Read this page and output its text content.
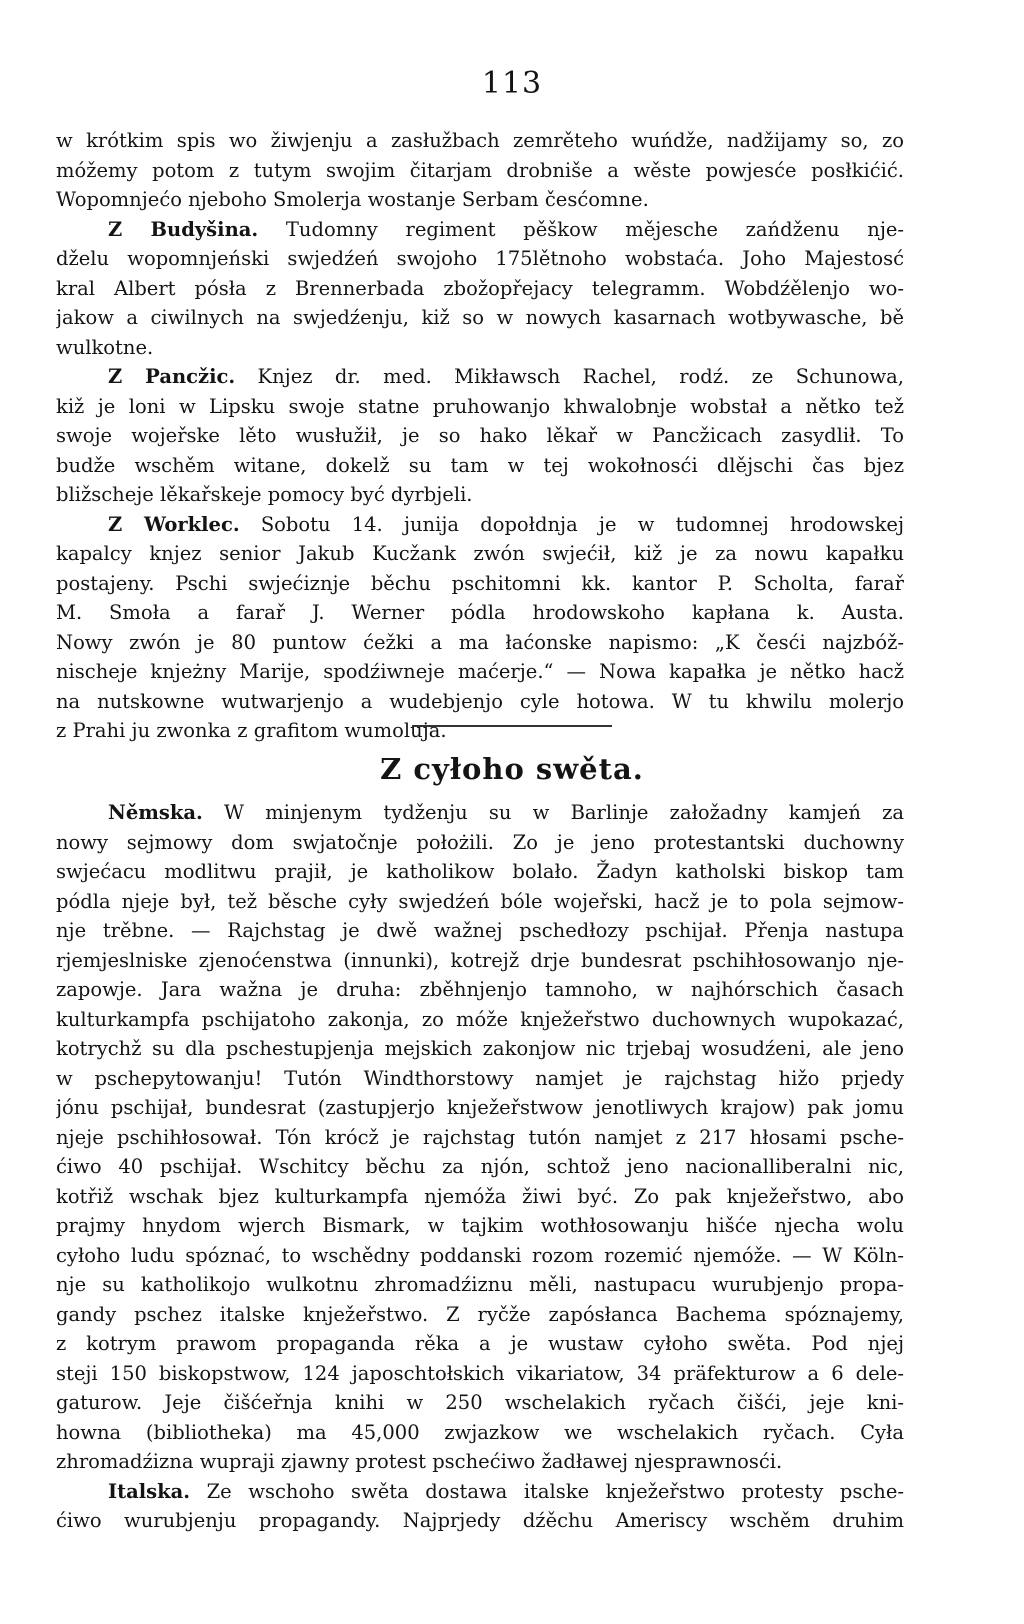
113
w krótkim spis wo žiwjenju a zasłužbach zemrěteho wuńdže, nadžijamy so, zo
móžemy potom z tutym swojim čitarjam drobniše a wěste powjesće posłkićić.
Wopomnjećo njeboho Smolerja wostanje Serbam česćomne.
Z Budyšina. Tudomny regiment pěškow mějesche zańdženu nje-
dželu wopomnjeński swjedźeń swojoho 175lětnoho wobstaća. Joho Majestosć
kral Albert pósła z Brennerbada zbožopřejacy telegramm. Wobdźělenjo wo-
jakow a ciwilnych na swjedźenju, kiž so w nowych kasarnach wotbywasche, bě
wulkotne.
Z Pancžic. Knjez dr. med. Mikławsch Rachel, rodź. ze Schunowa,
kiž je loni w Lipsku swoje statne pruhowanjo khwalobnje wobstał a nětko tež
swoje wojeřske lěto wusłužił, je so hako lěkař w Pancžicach zasydlił. To
budže wschěm witane, dokelž su tam w tej wokołnosći dlějschi čas bjez
bližscheje lěkařskeje pomocy być dyrbjeli.
Z Worklec. Sobotu 14. junija dopołdnja je w tudomnej hrodowskej
kapalcy knjez senior Jakub Kucžank zwón swjećił, kiž je za nowu kapałku
postajeny. Pschi swjećiznje běchu pschitomni kk. kantor P. Scholta, farař
M. Smoła a farař J. Werner pódla hrodowskoho kapłana k. Austa.
Nowy zwón je 80 puntow ćežki a ma łaćonske napismo: „K česći najzbóž-
nischeje knjeżny Marije, spodźiwneje maćerje.“ — Nowa kapałka je nětko hacž
na nutskowne wutwarjenjo a wudebjenjo cyle hotowa. W tu khwilu molerjo
z Prahi ju zwonka z grafitom wumoluja.
Z cyłoho swěta.
Němska. W minjenym tydženju su w Barlinje załožadny kamjeń za
nowy sejmowy dom swjatočnje położili. Zo je jeno protestantski duchowny
swjećacu modlitwu prajił, je katholikow bolało. Žadyn katholski biskop tam
pódla njeje był, tež běsche cyły swjedźeń bóle wojeřski, hacž je to pola sejmow-
nje trěbne. — Rajchstag je dwě wažnej pschedłozy pschijał. Přenja nastupa
rjemjeslniske zjenoćenstwa (innunki), kotrejž drje bundesrat pschihłosowanjo nje-
zapowje. Jara wažna je druha: zběhnjenjo tamnoho, w najhórschich časach
kulturkampfa pschijatoho zakonja, zo móže knježeřstwo duchownych wupokazać,
kotrychž su dla pschestupjenja mejskich zakonjow nic trjebaj wosudźeni, ale jeno
w pschepytowanju! Tutón Windthorstowy namjet je rajchstag hižo prjedy
jónu pschijał, bundesrat (zastupjerjo knježeřstwow jenotliwych krajow) pak jomu
njeje pschihłosował. Tón krócž je rajchstag tutón namjet z 217 hłosami psche-
ćiwo 40 pschijał. Wschitcy běchu za njón, schtož jeno nacionalliberalni nic,
kotřiž wschak bjez kulturkampfa njemóža žiwi być. Zo pak knježeřstwo, abo
prajmy hnydom wjerch Bismark, w tajkim wothłosowanju hišće njecha wolu
cyłoho ludu spóznać, to wschědny poddanski rozom rozemić njemóže. — W Köln-
nje su katholikojo wulkotnu zhromadźiznu měli, nastupacu wurubjenjo propa-
gandy pschez italske knježeřstwo. Z ryčže zapósłanca Bachema spóznajemy,
z kotrym prawom propaganda rěka a je wustaw cyłoho swěta. Pod njej
steji 150 biskopstwow, 124 japoschtołskich vikariatow, 34 präfekturow a 6 dele-
gaturow. Jeje čišćeřnja knihi w 250 wschelakich ryčach čišći, jeje kni-
howna (bibliotheka) ma 45,000 zwjazkow we wschelakich ryčach. Cyła
zhromadźizna wupraji zjawny protest pschećiwo žadławej njesprawnosći.
Italska. Ze wschoho swěta dostawa italske knježeřstwo protesty psche-
ćiwo wurubjenju propagandy. Najprjedy dźěchu Ameriscy wschěm druhim
